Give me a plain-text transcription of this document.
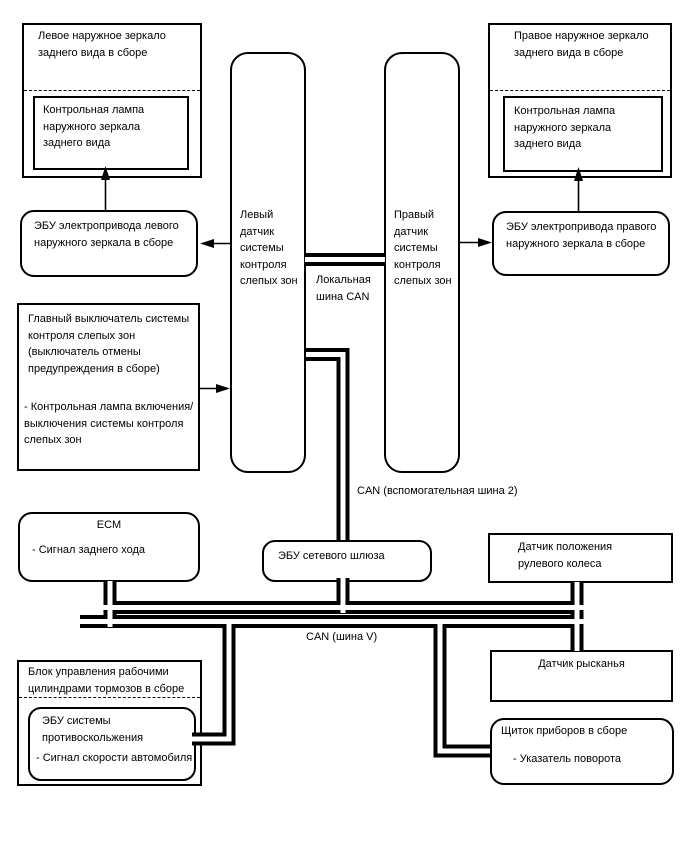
Левое наружное зеркало заднего вида в сборе
Контрольная лампа наружного зеркала заднего вида
Правое наружное зеркало заднего вида в сборе
Контрольная лампа наружного зеркала заднего вида
ЭБУ электропривода левого наружного зеркала в сборе
ЭБУ электропривода правого наружного зеркала в сборе
Левый датчик системы контроля слепых зон
Правый датчик системы контроля слепых зон
Главный выключатель системы контроля слепых зон (выключатель отмены предупреждения в сборе)
- Контрольная лампа включения/ выключения системы контроля слепых зон
ECM
- Сигнал заднего хода	ЭБУ сетевого шлюза
Датчик положения рулевого колеса
Датчик рысканья
Щиток приборов в сборе
- Указатель поворота
Блок управления рабочими цилиндрами тормозов в сборе
ЭБУ системы противоскольжения
- Сигнал скорости автомобиля
Локальная шина CAN
CAN (вспомогательная шина 2)
CAN (шина V)
